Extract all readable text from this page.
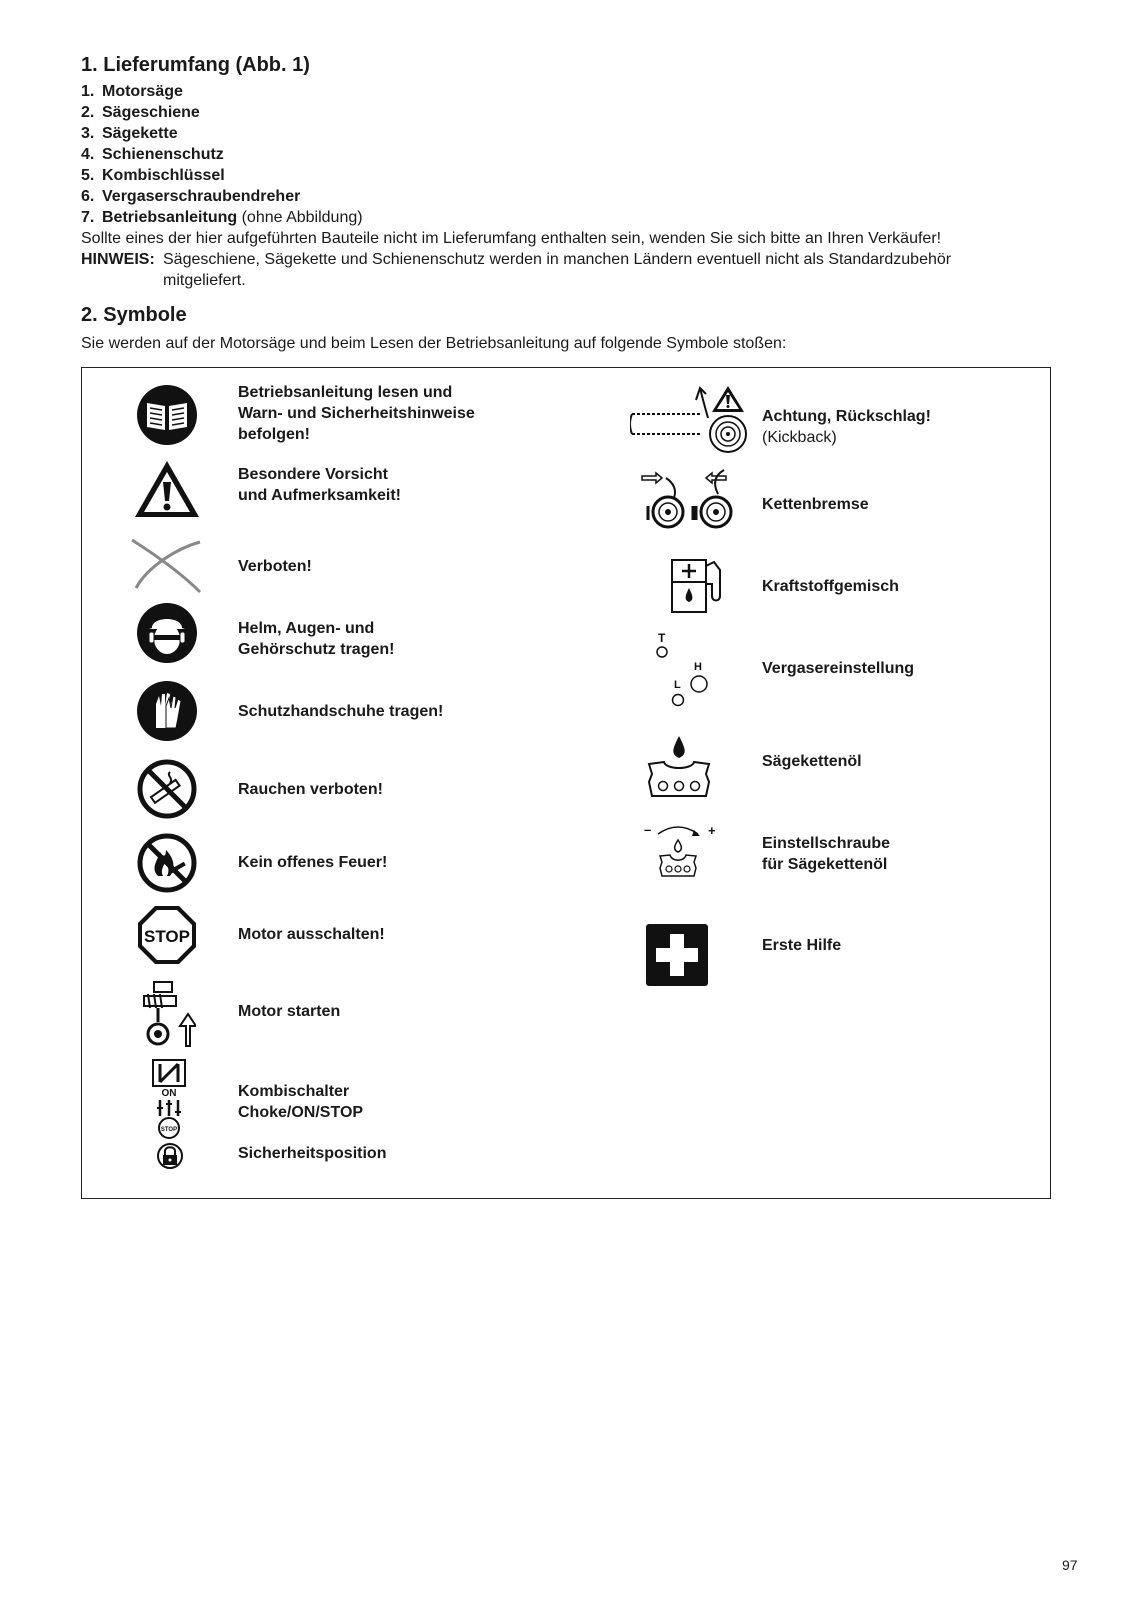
1. Lieferumfang (Abb. 1)
1. Motorsäge
2. Sägeschiene
3. Sägekette
4. Schienenschutz
5. Kombischlüssel
6. Vergaserschraubendreher
7. Betriebsanleitung (ohne Abbildung)
Sollte eines der hier aufgeführten Bauteile nicht im Lieferumfang enthalten sein, wenden Sie sich bitte an Ihren Verkäufer!
HINWEIS: Sägeschiene, Sägekette und Schienenschutz werden in manchen Ländern eventuell nicht als Standardzubehör mitgeliefert.
2. Symbole
Sie werden auf der Motorsäge und beim Lesen der Betriebsanleitung auf folgende Symbole stoßen:
Betriebsanleitung lesen und
Warn- und Sicherheitshinweise
befolgen!
Besondere Vorsicht
und Aufmerksamkeit!
Verboten!
Helm, Augen- und
Gehörschutz tragen!
Schutzhandschuhe tragen!
Rauchen verboten!
Kein offenes Feuer!
STOP	Motor ausschalten!
Motor starten
ON
STOP
Kombischalter
Choke/ON/STOP
Sicherheitsposition
Achtung, Rückschlag!
(Kickback)
Kettenbremse
Kraftstoffgemisch
T
H
L
Vergasereinstellung
Sägekettenöl
–	+
Einstellschraube
für Sägekettenöl
Erste Hilfe
97
